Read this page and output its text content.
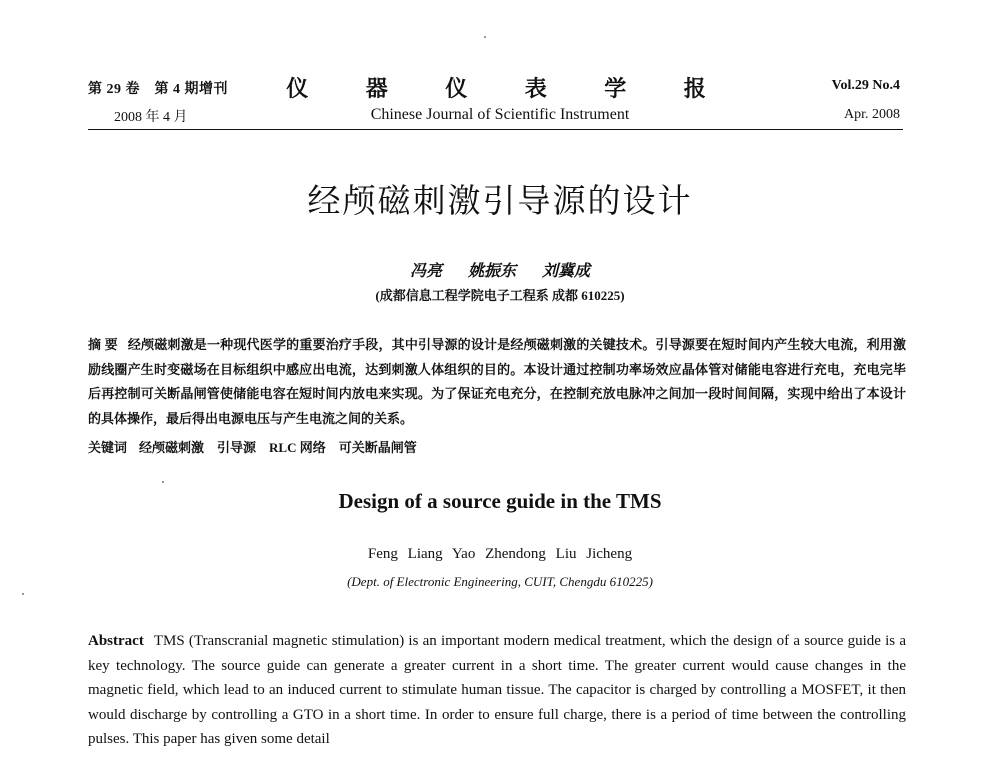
第 29 卷　第 4 期增刊
2008 年 4 月
仪 器 仪 表 学 报
Chinese Journal of Scientific Instrument
Vol.29 No.4
Apr. 2008
经颅磁刺激引导源的设计
冯亮 姚振东 刘冀成
(成都信息工程学院电子工程系 成都 610225)
摘 要 经颅磁刺激是一种现代医学的重要治疗手段，其中引导源的设计是经颅磁刺激的关键技术。引导源要在短时间内产生较大电流，利用激励线圈产生时变磁场在目标组织中感应出电流，达到刺激人体组织的目的。本设计通过控制功率场效应晶体管对储能电容进行充电，充电完毕后再控制可关断晶闸管使储能电容在短时间内放电来实现。为了保证充电充分，在控制充放电脉冲之间加一段时间间隔，实现中给出了本设计的具体操作，最后得出电源电压与产生电流之间的关系。
关键词 经颅磁刺激　引导源　RLC 网络　可关断晶闸管
Design of a source guide in the TMS
Feng Liang Yao Zhendong Liu Jicheng
(Dept. of Electronic Engineering, CUIT, Chengdu 610225)
Abstract TMS (Transcranial magnetic stimulation) is an important modern medical treatment, which the design of a source guide is a key technology. The source guide can generate a greater current in a short time. The greater current would cause changes in the magnetic field, which lead to an induced current to stimulate human tissue. The capacitor is charged by controlling a MOSFET, it then would discharge by controlling a GTO in a short time. In order to ensure full charge, there is a period of time between the controlling pulses. This paper has given some detail
